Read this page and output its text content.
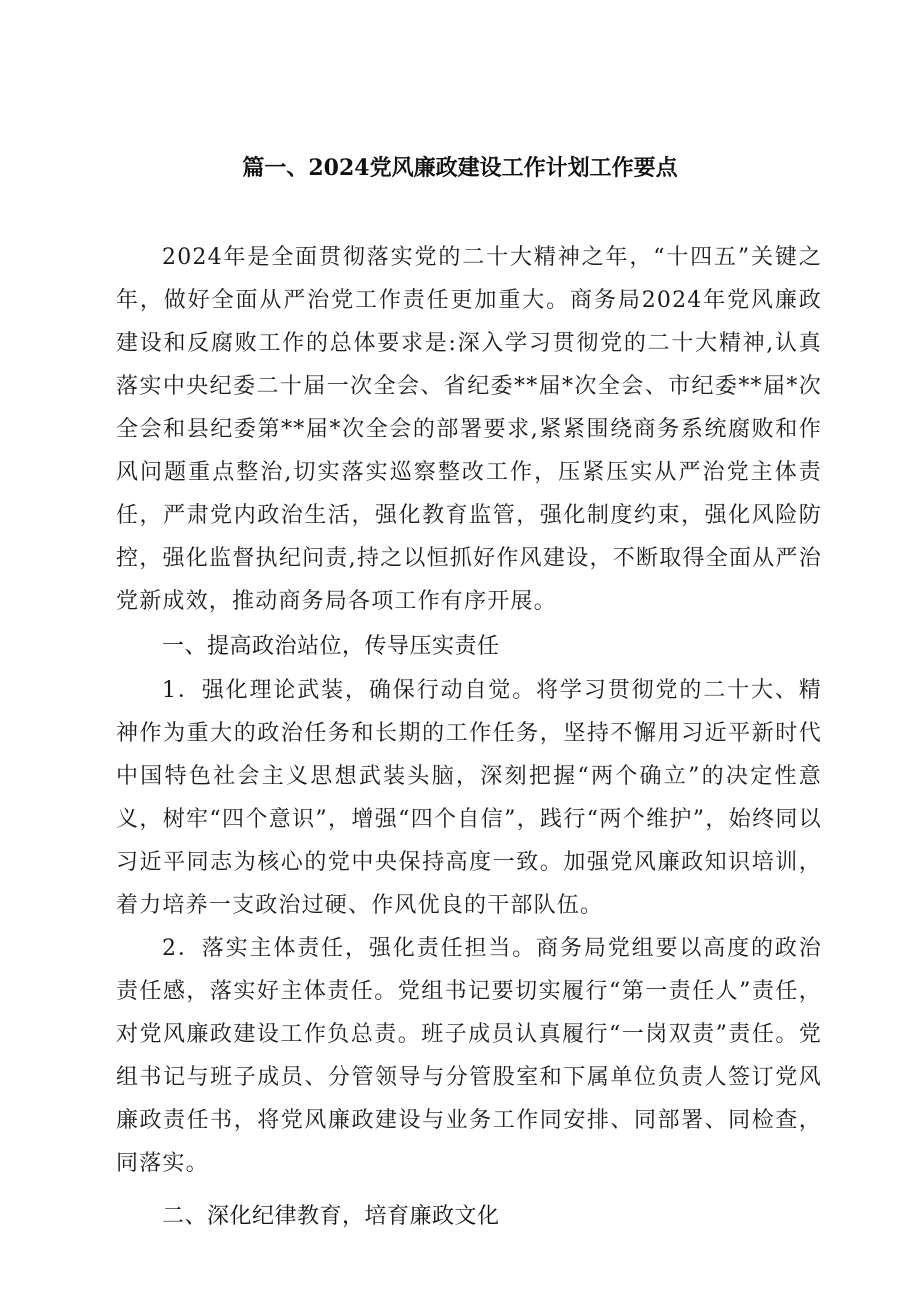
篇一、2024党风廉政建设工作计划工作要点

2024年是全面贯彻落实党的二十大精神之年，“十四五”关键之年，做好全面从严治党工作责任更加重大。商务局2024年党风廉政建设和反腐败工作的总体要求是:深入学习贯彻党的二十大精神,认真落实中央纪委二十届一次全会、省纪委**届*次全会、市纪委**届*次全会和县纪委第**届*次全会的部署要求,紧紧围绕商务系统腐败和作风问题重点整治,切实落实巡察整改工作，压紧压实从严治党主体责任，严肃党内政治生活，强化教育监管，强化制度约束，强化风险防控，强化监督执纪问责,持之以恒抓好作风建设，不断取得全面从严治党新成效，推动商务局各项工作有序开展。

一、提高政治站位，传导压实责任

1．强化理论武装，确保行动自觉。将学习贯彻党的二十大、精神作为重大的政治任务和长期的工作任务，坚持不懈用习近平新时代中国特色社会主义思想武装头脑，深刻把握“两个确立”的决定性意义，树牢“四个意识”，增强“四个自信”，践行“两个维护”，始终同以习近平同志为核心的党中央保持高度一致。加强党风廉政知识培训，着力培养一支政治过硬、作风优良的干部队伍。

2．落实主体责任，强化责任担当。商务局党组要以高度的政治责任感，落实好主体责任。党组书记要切实履行“第一责任人”责任，对党风廉政建设工作负总责。班子成员认真履行“一岗双责”责任。党组书记与班子成员、分管领导与分管股室和下属单位负责人签订党风廉政责任书，将党风廉政建设与业务工作同安排、同部署、同检查，同落实。

二、深化纪律教育，培育廉政文化
